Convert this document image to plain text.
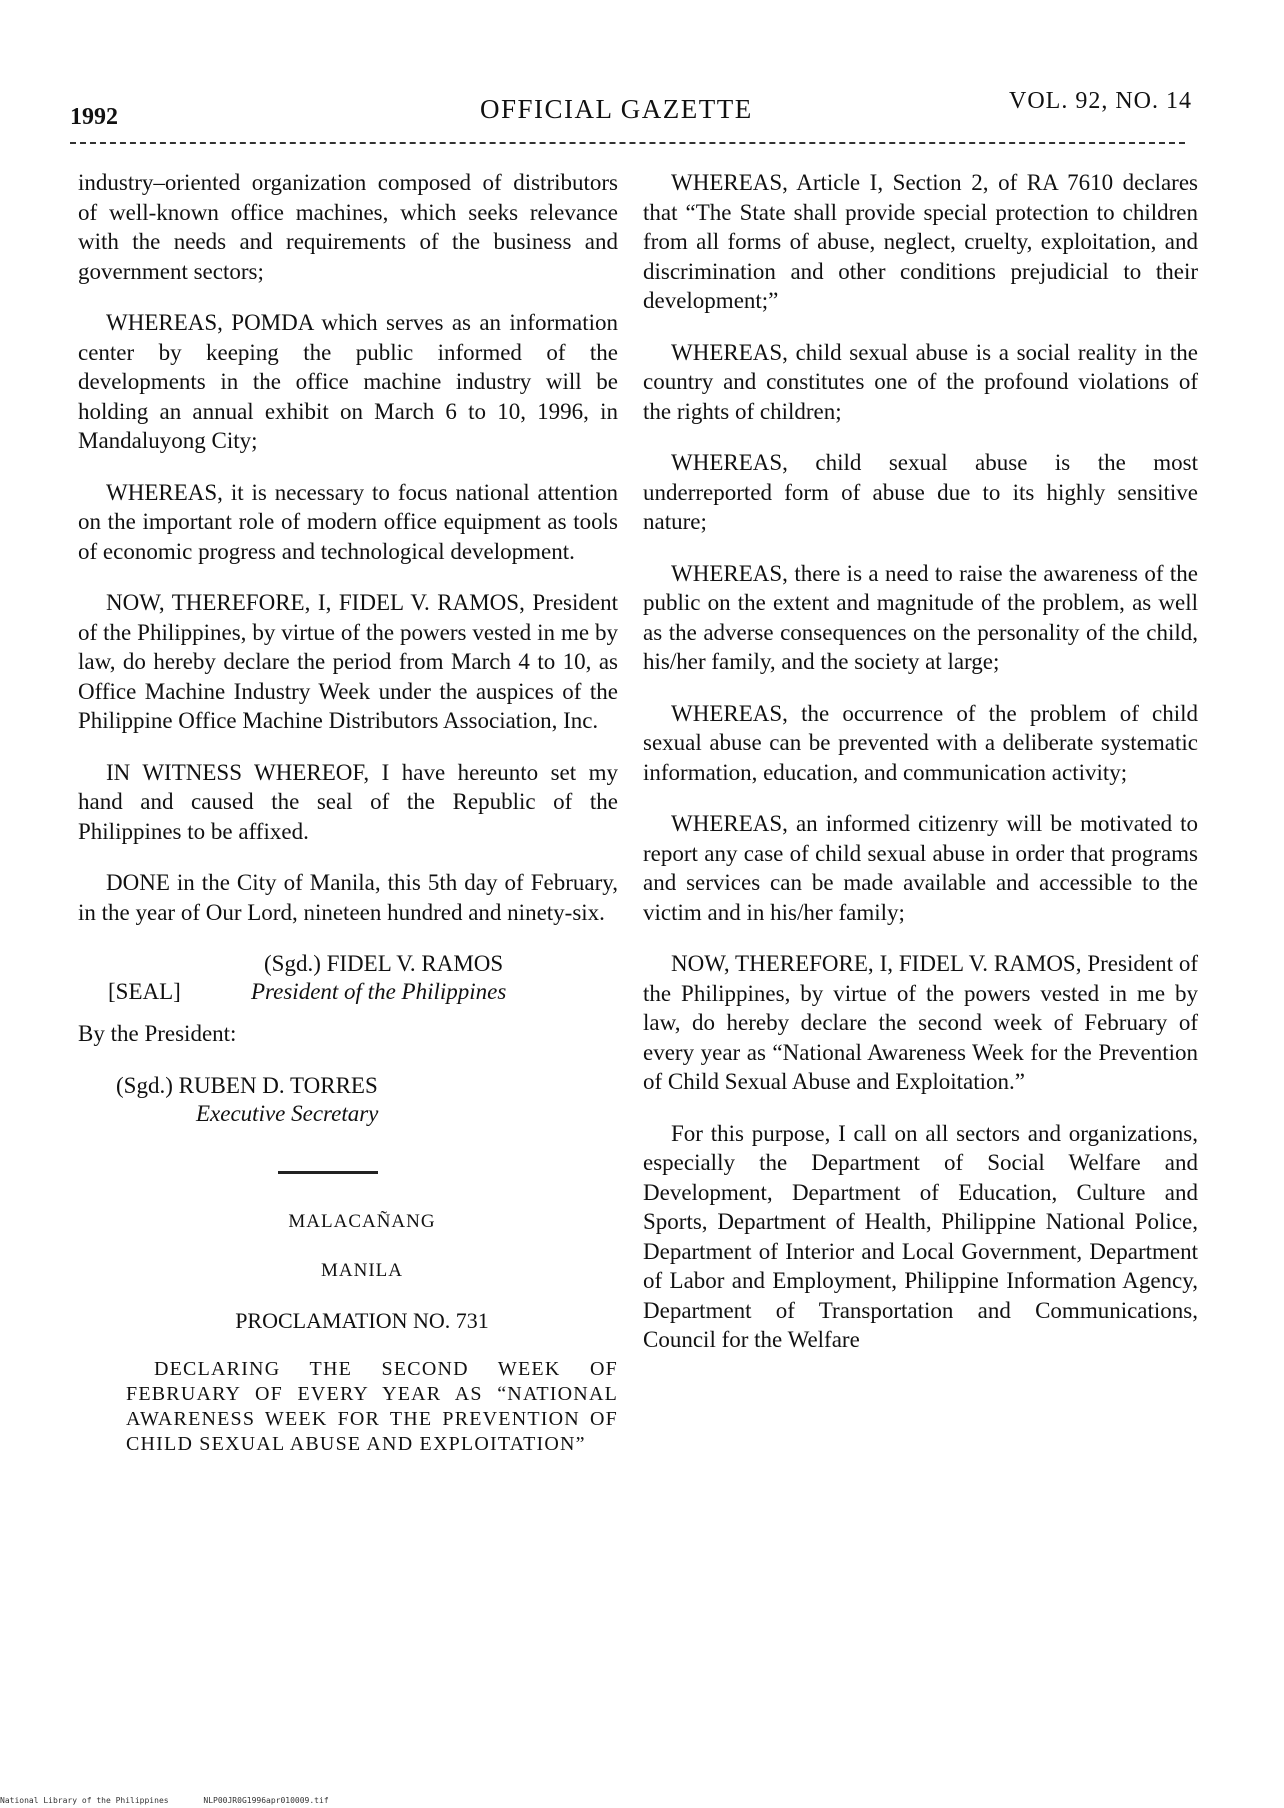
1992	OFFICIAL GAZETTE	VOL. 92, NO. 14

industry–oriented organization composed of distributors of well-known office machines, which seeks relevance with the needs and requirements of the business and government sectors;

WHEREAS, POMDA which serves as an information center by keeping the public informed of the developments in the office machine industry will be holding an annual exhibit on March 6 to 10, 1996, in Mandaluyong City;

WHEREAS, it is necessary to focus national attention on the important role of modern office equipment as tools of economic progress and technological development.

NOW, THEREFORE, I, FIDEL V. RAMOS, President of the Philippines, by virtue of the powers vested in me by law, do hereby declare the period from March 4 to 10, as Office Machine Industry Week under the auspices of the Philippine Office Machine Distributors Association, Inc.

IN WITNESS WHEREOF, I have hereunto set my hand and caused the seal of the Republic of the Philippines to be affixed.

DONE in the City of Manila, this 5th day of February, in the year of Our Lord, nineteen hundred and ninety-six.

(Sgd.) FIDEL V. RAMOS
[SEAL]	President of the Philippines

By the President:

(Sgd.) RUBEN D. TORRES
Executive Secretary

MALACAÑANG

MANILA

PROCLAMATION NO. 731

DECLARING THE SECOND WEEK OF FEBRUARY OF EVERY YEAR AS “NATIONAL AWARENESS WEEK FOR THE PREVENTION OF CHILD SEXUAL ABUSE AND EXPLOITATION”

WHEREAS, Article I, Section 2, of RA 7610 declares that “The State shall provide special protection to children from all forms of abuse, neglect, cruelty, exploitation, and discrimination and other conditions prejudicial to their development;”

WHEREAS, child sexual abuse is a social reality in the country and constitutes one of the profound violations of the rights of children;

WHEREAS, child sexual abuse is the most underreported form of abuse due to its highly sensitive nature;

WHEREAS, there is a need to raise the awareness of the public on the extent and magnitude of the problem, as well as the adverse consequences on the personality of the child, his/her family, and the society at large;

WHEREAS, the occurrence of the problem of child sexual abuse can be prevented with a deliberate systematic information, education, and communication activity;

WHEREAS, an informed citizenry will be motivated to report any case of child sexual abuse in order that programs and services can be made available and accessible to the victim and in his/her family;

NOW, THEREFORE, I, FIDEL V. RAMOS, President of the Philippines, by virtue of the powers vested in me by law, do hereby declare the second week of February of every year as “National Awareness Week for the Prevention of Child Sexual Abuse and Exploitation.”

For this purpose, I call on all sectors and organizations, especially the Department of Social Welfare and Development, Department of Education, Culture and Sports, Department of Health, Philippine National Police, Department of Interior and Local Government, Department of Labor and Employment, Philippine Information Agency, Department of Transportation and Communications, Council for the Welfare

National Library of the Philippines	NLP00JR0G1996apr010009.tif
